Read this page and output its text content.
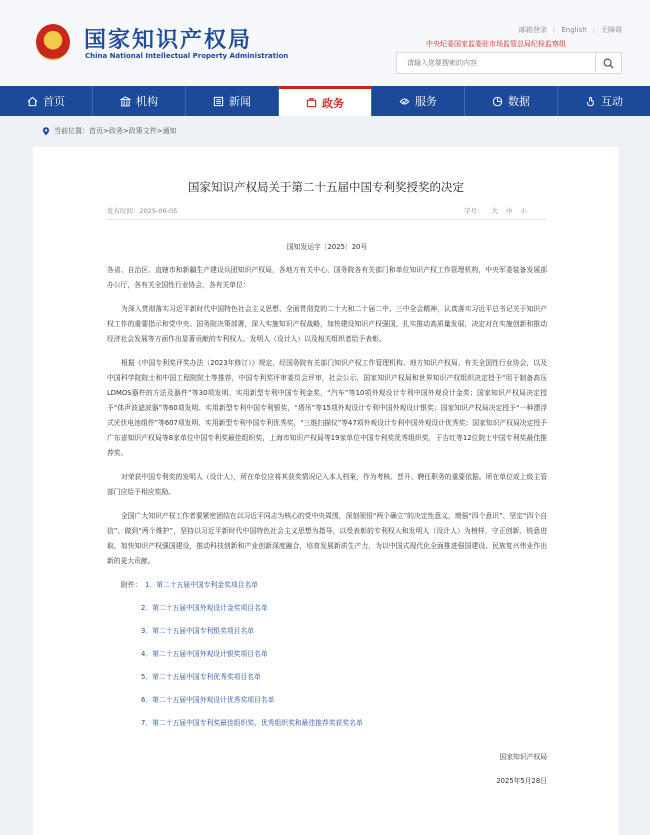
国家知识产权局
China National Intellectual Property Administration
邮箱登录 | English | 无障碍
中央纪委国家监委驻市场监管总局纪检监察组
请输入您要搜索的内容
首页	机构	新闻	政务	服务	数据	互动
当前位置：首页>政务>政策文件>通知
国家知识产权局关于第二十五届中国专利奖授奖的决定
发布时间：2025-06-05	字号： 大 中 小
国知发运字〔2025〕20号
各省、自治区、直辖市和新疆生产建设兵团知识产权局，各地方有关中心，国务院各有关部门和单位知识产权工作管理机构，中央军委装备发展部办公厅，各有关全国性行业协会，各有关单位：
为深入贯彻落实习近平新时代中国特色社会主义思想、全面贯彻党的二十大和二十届二中、三中全会精神，认真落实习近平总书记关于知识产权工作的重要指示和党中央、国务院决策部署，深入实施知识产权战略，加快建设知识产权强国，扎实推动高质量发展，决定对在实施创新和推动经济社会发展等方面作出显著贡献的专利权人、发明人（设计人）以及相关组织者给予表彰。
根据《中国专利奖评奖办法（2023年修订）》规定，经国务院有关部门知识产权工作管理机构、地方知识产权局、有关全国性行业协会，以及中国科学院院士和中国工程院院士等推荐，中国专利奖评审委员会评审，社会公示，国家知识产权局和世界知识产权组织决定授予“用于制备高压LDMOS器件的方法及器件”等30项发明、实用新型专利中国专利金奖，“汽车”等10项外观设计专利中国外观设计金奖；国家知识产权局决定授予“体声波滤波器”等60项发明、实用新型专利中国专利银奖，“塔吊”等15项外观设计专利中国外观设计银奖；国家知识产权局决定授予“一种漂浮式光伏电池组件”等607项发明、实用新型专利中国专利优秀奖，“三维扫描仪”等47项外观设计专利中国外观设计优秀奖；国家知识产权局决定授予广东省知识产权局等8家单位中国专利奖最佳组织奖，上海市知识产权局等19家单位中国专利奖优秀组织奖，于吉红等12位院士中国专利奖最佳推荐奖。
对荣获中国专利奖的发明人（设计人），所在单位应将其获奖情况记入本人档案，作为考核、晋升、聘任职务的重要依据。所在单位或上级主管部门应给予相应奖励。
全国广大知识产权工作者要紧密团结在以习近平同志为核心的党中央周围，深刻领悟“两个确立”的决定性意义，增强“四个意识”、坚定“四个自信”、做到“两个维护”，坚持以习近平新时代中国特色社会主义思想为指导，以受表彰的专利权人和发明人（设计人）为榜样，守正创新、锐意进取，加快知识产权强国建设，推动科技创新和产业创新深度融合，培育发展新质生产力，为以中国式现代化全面推进强国建设、民族复兴伟业作出新的更大贡献。
附件： 1．第二十五届中国专利金奖项目名单
2．第二十五届中国外观设计金奖项目名单
3．第二十五届中国专利银奖项目名单
4．第二十五届中国外观设计银奖项目名单
5．第二十五届中国专利优秀奖项目名单
6．第二十五届中国外观设计优秀奖项目名单
7．第二十五届中国专利奖最佳组织奖、优秀组织奖和最佳推荐奖获奖名单
国家知识产权局
2025年5月28日
